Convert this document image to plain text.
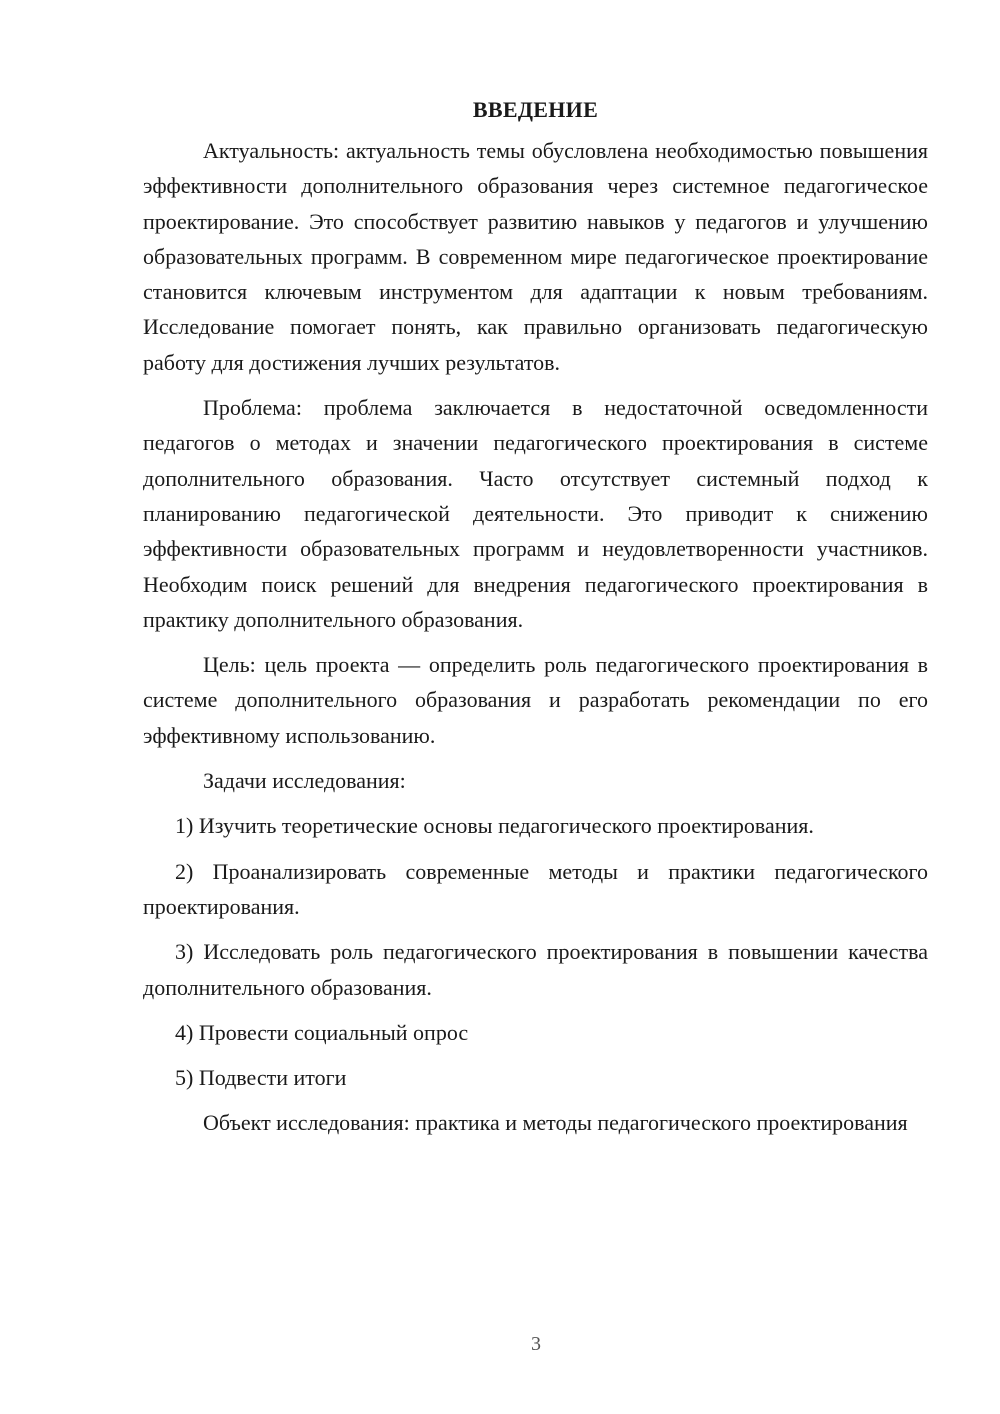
ВВЕДЕНИЕ

Актуальность: актуальность темы обусловлена необходимостью повышения эффективности дополнительного образования через системное педагогическое проектирование. Это способствует развитию навыков у педагогов и улучшению образовательных программ. В современном мире педагогическое проектирование становится ключевым инструментом для адаптации к новым требованиям. Исследование помогает понять, как правильно организовать педагогическую работу для достижения лучших результатов.

Проблема: проблема заключается в недостаточной осведомленности педагогов о методах и значении педагогического проектирования в системе дополнительного образования. Часто отсутствует системный подход к планированию педагогической деятельности. Это приводит к снижению эффективности образовательных программ и неудовлетворенности участников. Необходим поиск решений для внедрения педагогического проектирования в практику дополнительного образования.

Цель: цель проекта — определить роль педагогического проектирования в системе дополнительного образования и разработать рекомендации по его эффективному использованию.

Задачи исследования:

1) Изучить теоретические основы педагогического проектирования.

2) Проанализировать современные методы и практики педагогического проектирования.

3) Исследовать роль педагогического проектирования в повышении качества дополнительного образования.

4) Провести социальный опрос

5) Подвести итоги

Объект исследования: практика и методы педагогического проектирования

3
